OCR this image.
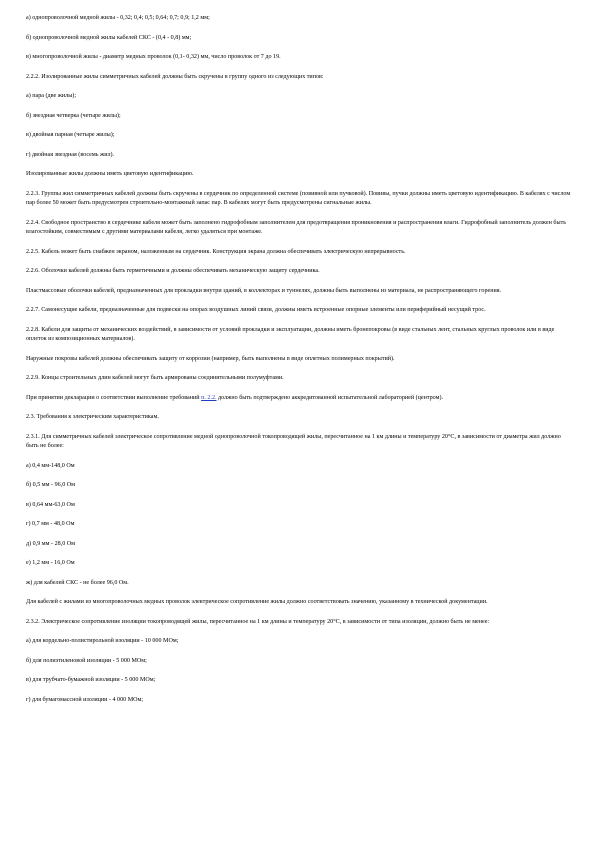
а) однопроволочной медной жилы - 0,32; 0,4; 0,5; 0,64; 0,7; 0,9; 1,2 мм;

б) однопроволочной медной жилы кабелей СКС - (0,4 - 0,8) мм;

в) многопроволочной жилы - диаметр медных проволок (0,1- 0,32) мм, число проволок от 7 до 19.

2.2.2. Изолированные жилы симметричных кабелей должны быть скручены в группу одного из следующих типов:

а) пара (две жилы);

б) звездная четверка (четыре жилы);

в) двойная парная (четыре жилы);

г) двойная звездная (восемь жил).

Изолированные жилы должны иметь цветовую идентификацию.

2.2.3. Группы жил симметричных кабелей должны быть скручены в сердечник по определенной системе (повивной или пучковой). Повивы, пучки должны иметь цветовую идентификацию. В кабелях с числом пар более 50 может быть предусмотрен строительно-монтажный запас пар. В кабелях могут быть предусмотрены сигнальные жилы.

2.2.4. Свободное пространство в сердечнике кабеля может быть заполнено гидрофобным заполнителем для предотвращения проникновения и распространения влаги. Гидрофобный заполнитель должен быть влагостойким, совместимым с другими материалами кабеля, легко удаляться при монтаже.

2.2.5. Кабель может быть снабжен экраном, наложенным на сердечник. Конструкция экрана должна обеспечивать электрическую непрерывность.

2.2.6. Оболочки кабелей должны быть герметичными и должны обеспечивать механическую защиту сердечника.

Пластмассовые оболочки кабелей, предназначенных для прокладки внутри зданий, в коллекторах и туннелях, должны быть выполнены из материала, не распространяющего горения.

2.2.7. Самонесущие кабели, предназначенные для подвески на опорах воздушных линий связи, должны иметь встроенные опорные элементы или периферийный несущий трос.

2.2.8. Кабели для защиты от механических воздействий, в зависимости от условий прокладки и эксплуатации, должны иметь бронепокровы (в виде стальных лент, стальных круглых проволок или в виде оплеток из композиционных материалов).

Наружные покровы кабелей должны обеспечивать защиту от коррозии (например, быть выполнены в виде оплетных полимерных покрытий).

2.2.9. Концы строительных длин кабелей могут быть армированы соединительными полумуфтами.

При принятии декларации о соответствии выполнение требований п. 2.2. должно быть подтверждено аккредитованной испытательной лабораторией (центром).

2.3. Требования к электрическим характеристикам.

2.3.1. Для симметричных кабелей электрическое сопротивление медной однопроволочной токопроводящей жилы, пересчитанное на 1 км длины и температуру 20°С, в зависимости от диаметра жил должно быть не более:

а) 0,4 мм-148,0 Ом

б) 0,5 мм - 96,0 Ом

в) 0,64 мм-63,0 Ом

г) 0,7 мм - 48,0 Ом

д) 0,9 мм - 28,0 Ом

е) 1,2 мм - 16,0 Ом

ж) для кабелей СКС - не более 96,0 Ом.

Для кабелей с жилами из многопроволочных медных проволок электрическое сопротивление жилы должно соответствовать значению, указанному в технической документации.

2.3.2. Электрическое сопротивление изоляции токопроводящей жилы, пересчитанное на 1 км длины и температуру 20°С, в зависимости от типа изоляции, должно быть не менее:

а) для кордельно-полистирольной изоляции - 10 000 МОм;

б) для полиэтиленовой изоляции - 5 000 МОм;

в) для трубчато-бумажной изоляции - 5 000 МОм;

г) для бумагомассной изоляции - 4 000 МОм;
